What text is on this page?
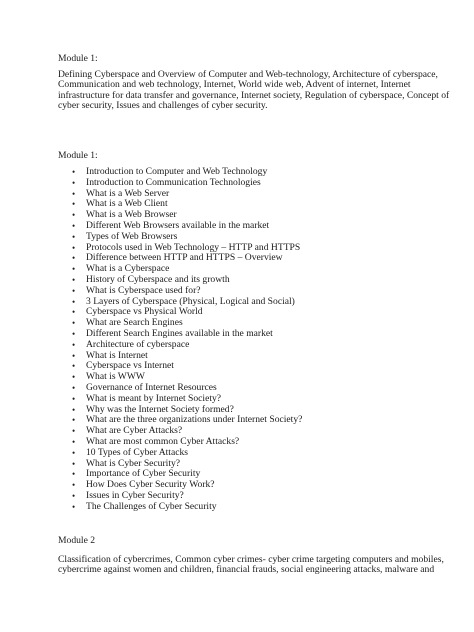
Module 1:
Defining Cyberspace and Overview of Computer and Web-technology, Architecture of cyberspace,
Communication and web technology, Internet, World wide web, Advent of internet, Internet
infrastructure for data transfer and governance, Internet society, Regulation of cyberspace, Concept of
cyber security, Issues and challenges of cyber security.
Module 1:
• Introduction to Computer and Web Technology
• Introduction to Communication Technologies
• What is a Web Server
• What is a Web Client
• What is a Web Browser
• Different Web Browsers available in the market
• Types of Web Browsers
• Protocols used in Web Technology – HTTP and HTTPS
• Difference between HTTP and HTTPS – Overview
• What is a Cyberspace
• History of Cyberspace and its growth
• What is Cyberspace used for?
• 3 Layers of Cyberspace (Physical, Logical and Social)
• Cyberspace vs Physical World
• What are Search Engines
• Different Search Engines available in the market
• Architecture of cyberspace
• What is Internet
• Cyberspace vs Internet
• What is WWW
• Governance of Internet Resources
• What is meant by Internet Society?
• Why was the Internet Society formed?
• What are the three organizations under Internet Society?
• What are Cyber Attacks?
• What are most common Cyber Attacks?
• 10 Types of Cyber Attacks
• What is Cyber Security?
• Importance of Cyber Security
• How Does Cyber Security Work?
• Issues in Cyber Security?
• The Challenges of Cyber Security
Module 2
Classification of cybercrimes, Common cyber crimes- cyber crime targeting computers and mobiles,
cybercrime against women and children, financial frauds, social engineering attacks, malware and
